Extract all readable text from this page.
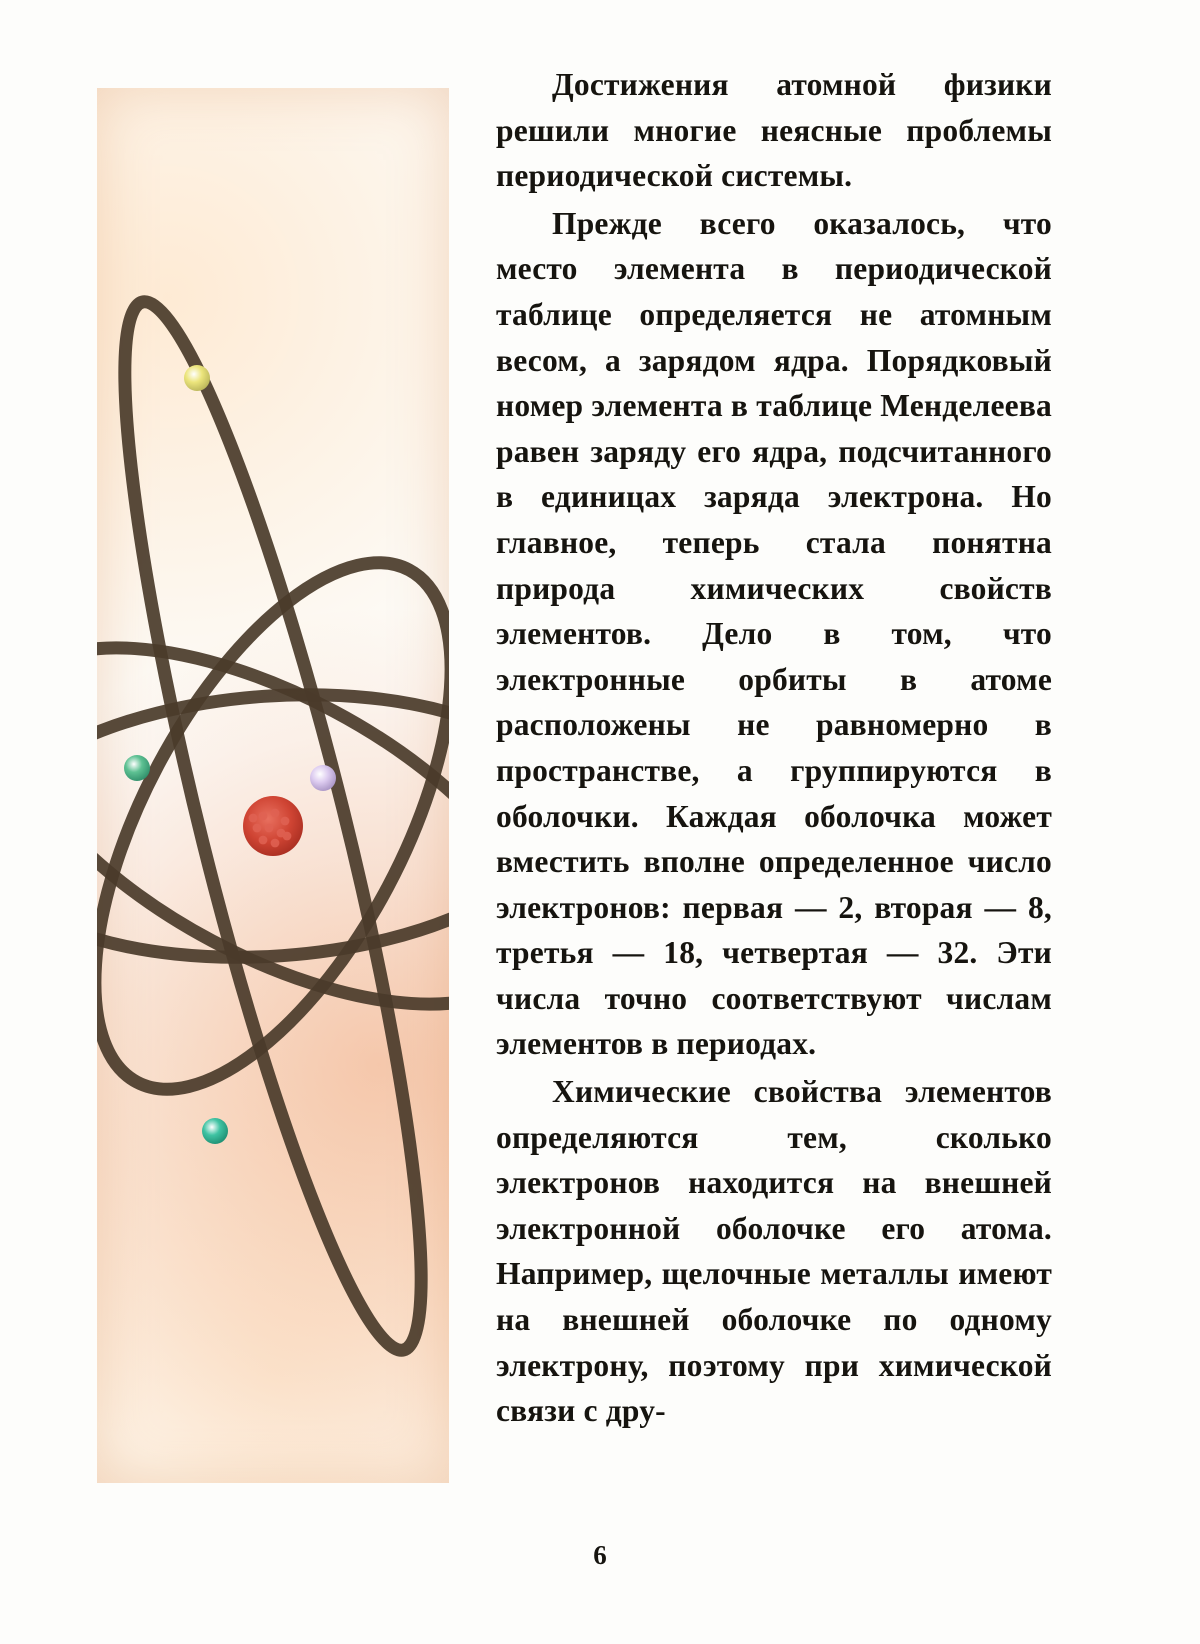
Достижения атомной физики решили многие неясные проблемы периодической системы.

Прежде всего оказалось, что место элемента в периодической таблице определяется не атомным весом, а зарядом ядра. Порядковый номер элемента в таблице Менделеева равен заряду его ядра, подсчитанного в единицах заряда электрона. Но главное, теперь стала понятна природа химических свойств элементов. Дело в том, что электронные орбиты в атоме расположены не равномерно в пространстве, а группируются в оболочки. Каждая оболочка может вместить вполне определенное число электронов: первая — 2, вторая — 8, третья — 18, четвертая — 32. Эти числа точно соответствуют числам элементов в периодах.

Химические свойства элементов определяются тем, сколько электронов находится на внешней электронной оболочке его атома. Например, щелочные металлы имеют на внешней оболочке по одному электрону, поэтому при химической связи с дру-

6
